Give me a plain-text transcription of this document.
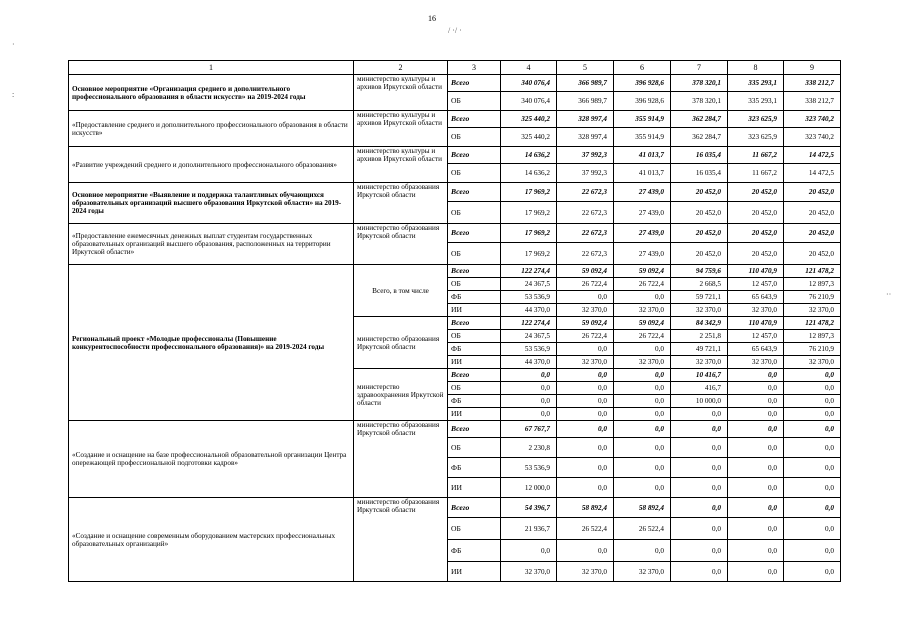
16
/ ·/ ·
·
:
··
1	2	3	4	5	6	7	8	9
Основное мероприятие «Организация среднего и дополнительного профессионального образования в области искусств» на 2019-2024 годы	министерство культуры и архивов Иркутской области	Всего	340 076,4	366 989,7	396 928,6	378 320,1	335 293,1	338 212,7
		ОБ	340 076,4	366 989,7	396 928,6	378 320,1	335 293,1	338 212,7
«Предоставление среднего и дополнительного профессионального образования в области искусств»	министерство культуры и архивов Иркутской области	Всего	325 440,2	328 997,4	355 914,9	362 284,7	323 625,9	323 740,2
		ОБ	325 440,2	328 997,4	355 914,9	362 284,7	323 625,9	323 740,2
«Развитие учреждений среднего и дополнительного профессионального образования»	министерство культуры и архивов Иркутской области	Всего	14 636,2	37 992,3	41 013,7	16 035,4	11 667,2	14 472,5
		ОБ	14 636,2	37 992,3	41 013,7	16 035,4	11 667,2	14 472,5
Основное мероприятие «Выявление и поддержка талантливых обучающихся образовательных организаций высшего образования Иркутской области» на 2019-2024 годы	министерство образования Иркутской области	Всего	17 969,2	22 672,3	27 439,0	20 452,0	20 452,0	20 452,0
		ОБ	17 969,2	22 672,3	27 439,0	20 452,0	20 452,0	20 452,0
«Предоставление ежемесячных денежных выплат студентам государственных образовательных организаций высшего образования, расположенных на территории Иркутской области»	министерство образования Иркутской области	Всего	17 969,2	22 672,3	27 439,0	20 452,0	20 452,0	20 452,0
		ОБ	17 969,2	22 672,3	27 439,0	20 452,0	20 452,0	20 452,0
Региональный проект «Молодые профессионалы (Повышение конкурентоспособности профессионального образования)» на 2019-2024 годы	Всего, в том числе	Всего	122 274,4	59 092,4	59 092,4	94 759,6	110 470,9	121 478,2
		ОБ	24 367,5	26 722,4	26 722,4	2 668,5	12 457,0	12 897,3
		ФБ	53 536,9	0,0	0,0	59 721,1	65 643,9	76 210,9
		ИИ	44 370,0	32 370,0	32 370,0	32 370,0	32 370,0	32 370,0
	министерство образования Иркутской области	Всего	122 274,4	59 092,4	59 092,4	84 342,9	110 470,9	121 478,2
		ОБ	24 367,5	26 722,4	26 722,4	2 251,8	12 457,0	12 897,3
		ФБ	53 536,9	0,0	0,0	49 721,1	65 643,9	76 210,9
		ИИ	44 370,0	32 370,0	32 370,0	32 370,0	32 370,0	32 370,0
	министерство здравоохранения Иркутской области	Всего	0,0	0,0	0,0	10 416,7	0,0	0,0
		ОБ	0,0	0,0	0,0	416,7	0,0	0,0
		ФБ	0,0	0,0	0,0	10 000,0	0,0	0,0
		ИИ	0,0	0,0	0,0	0,0	0,0	0,0
«Создание и оснащение на базе профессиональной образовательной организации Центра опережающей профессиональной подготовки кадров»	министерство образования Иркутской области	Всего	67 767,7	0,0	0,0	0,0	0,0	0,0
		ОБ	2 230,8	0,0	0,0	0,0	0,0	0,0
		ФБ	53 536,9	0,0	0,0	0,0	0,0	0,0
		ИИ	12 000,0	0,0	0,0	0,0	0,0	0,0
«Создание и оснащение современным оборудованием мастерских профессиональных образовательных организаций»	министерство образования Иркутской области	Всего	54 396,7	58 892,4	58 892,4	0,0	0,0	0,0
		ОБ	21 936,7	26 522,4	26 522,4	0,0	0,0	0,0
		ФБ	0,0	0,0	0,0	0,0	0,0	0,0
		ИИ	32 370,0	32 370,0	32 370,0	0,0	0,0	0,0
